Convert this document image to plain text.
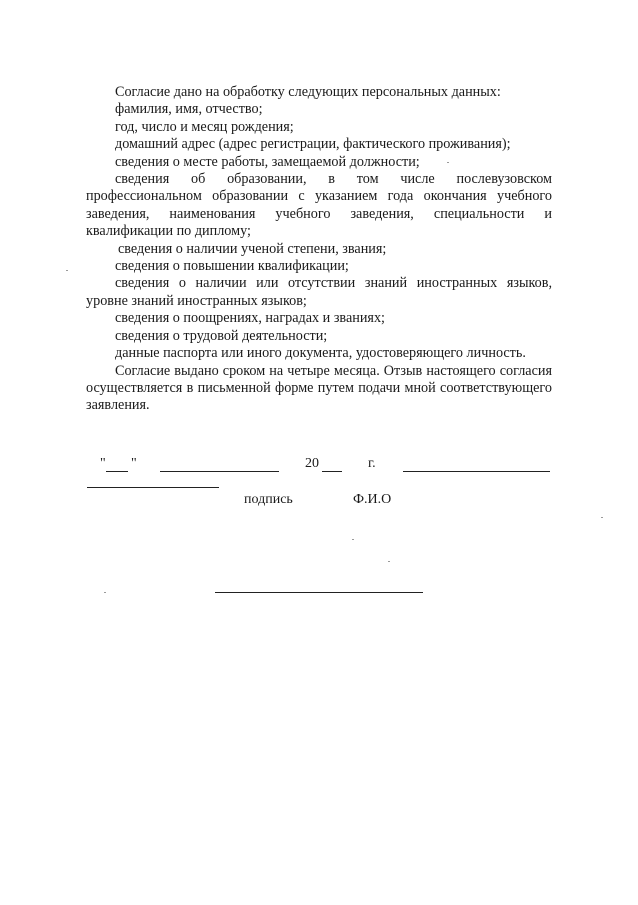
Согласие дано на обработку следующих персональных данных:

фамилия, имя, отчество;

год, число и месяц рождения;

домашний адрес (адрес регистрации, фактического проживания);

сведения о месте работы, замещаемой должности;

сведения об образовании, в том числе послевузовском профессиональном образовании с указанием года окончания учебного заведения, наименования учебного заведения, специальности и квалификации по диплому;

сведения о наличии ученой степени, звания;

сведения о повышении квалификации;

сведения о наличии или отсутствии знаний иностранных языков, уровне знаний иностранных языков;

сведения о поощрениях, наградах и званиях;

сведения о трудовой деятельности;

данные паспорта или иного документа, удостоверяющего личность.

Согласие выдано сроком на четыре месяца. Отзыв настоящего согласия осуществляется в письменной форме путем подачи мной соответствующего заявления.

" "	20	г.
подпись	Ф.И.О
